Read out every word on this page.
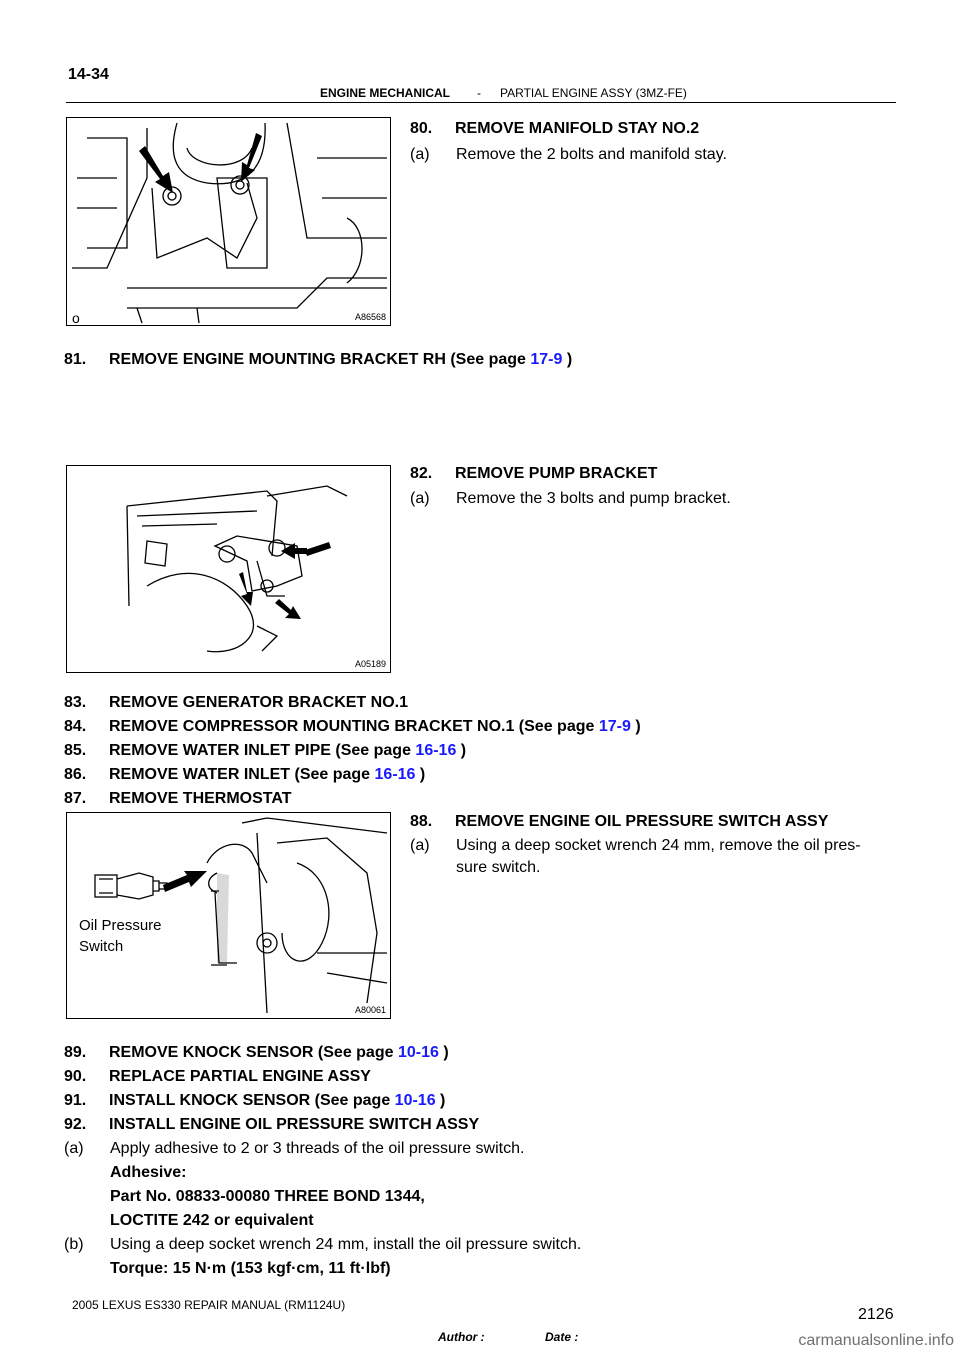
14-34
ENGINE MECHANICAL - PARTIAL ENGINE ASSY (3MZ-FE)
o	A86568
80. REMOVE MANIFOLD STAY NO.2
(a) Remove the 2 bolts and manifold stay.
81. REMOVE ENGINE MOUNTING BRACKET RH (See page 17-9 )
A05189
82. REMOVE PUMP BRACKET
(a) Remove the 3 bolts and pump bracket.
83. REMOVE GENERATOR BRACKET NO.1
84. REMOVE COMPRESSOR MOUNTING BRACKET NO.1 (See page 17-9 )
85. REMOVE WATER INLET PIPE (See page 16-16 )
86. REMOVE WATER INLET (See page 16-16 )
87. REMOVE THERMOSTAT
Oil Pressure
Switch
A80061
88. REMOVE ENGINE OIL PRESSURE SWITCH ASSY
(a) Using a deep socket wrench 24 mm, remove the oil pres-
sure switch.
89. REMOVE KNOCK SENSOR (See page 10-16 )
90. REPLACE PARTIAL ENGINE ASSY
91. INSTALL KNOCK SENSOR (See page 10-16 )
92. INSTALL ENGINE OIL PRESSURE SWITCH ASSY
(a) Apply adhesive to 2 or 3 threads of the oil pressure switch.
Adhesive:
Part No. 08833-00080 THREE BOND 1344,
LOCTITE 242 or equivalent
(b) Using a deep socket wrench 24 mm, install the oil pressure switch.
Torque: 15 N·m (153 kgf·cm, 11 ft·lbf)
2005 LEXUS ES330 REPAIR MANUAL (RM1124U)
Author :	Date :
2126
carmanualsonline.info
